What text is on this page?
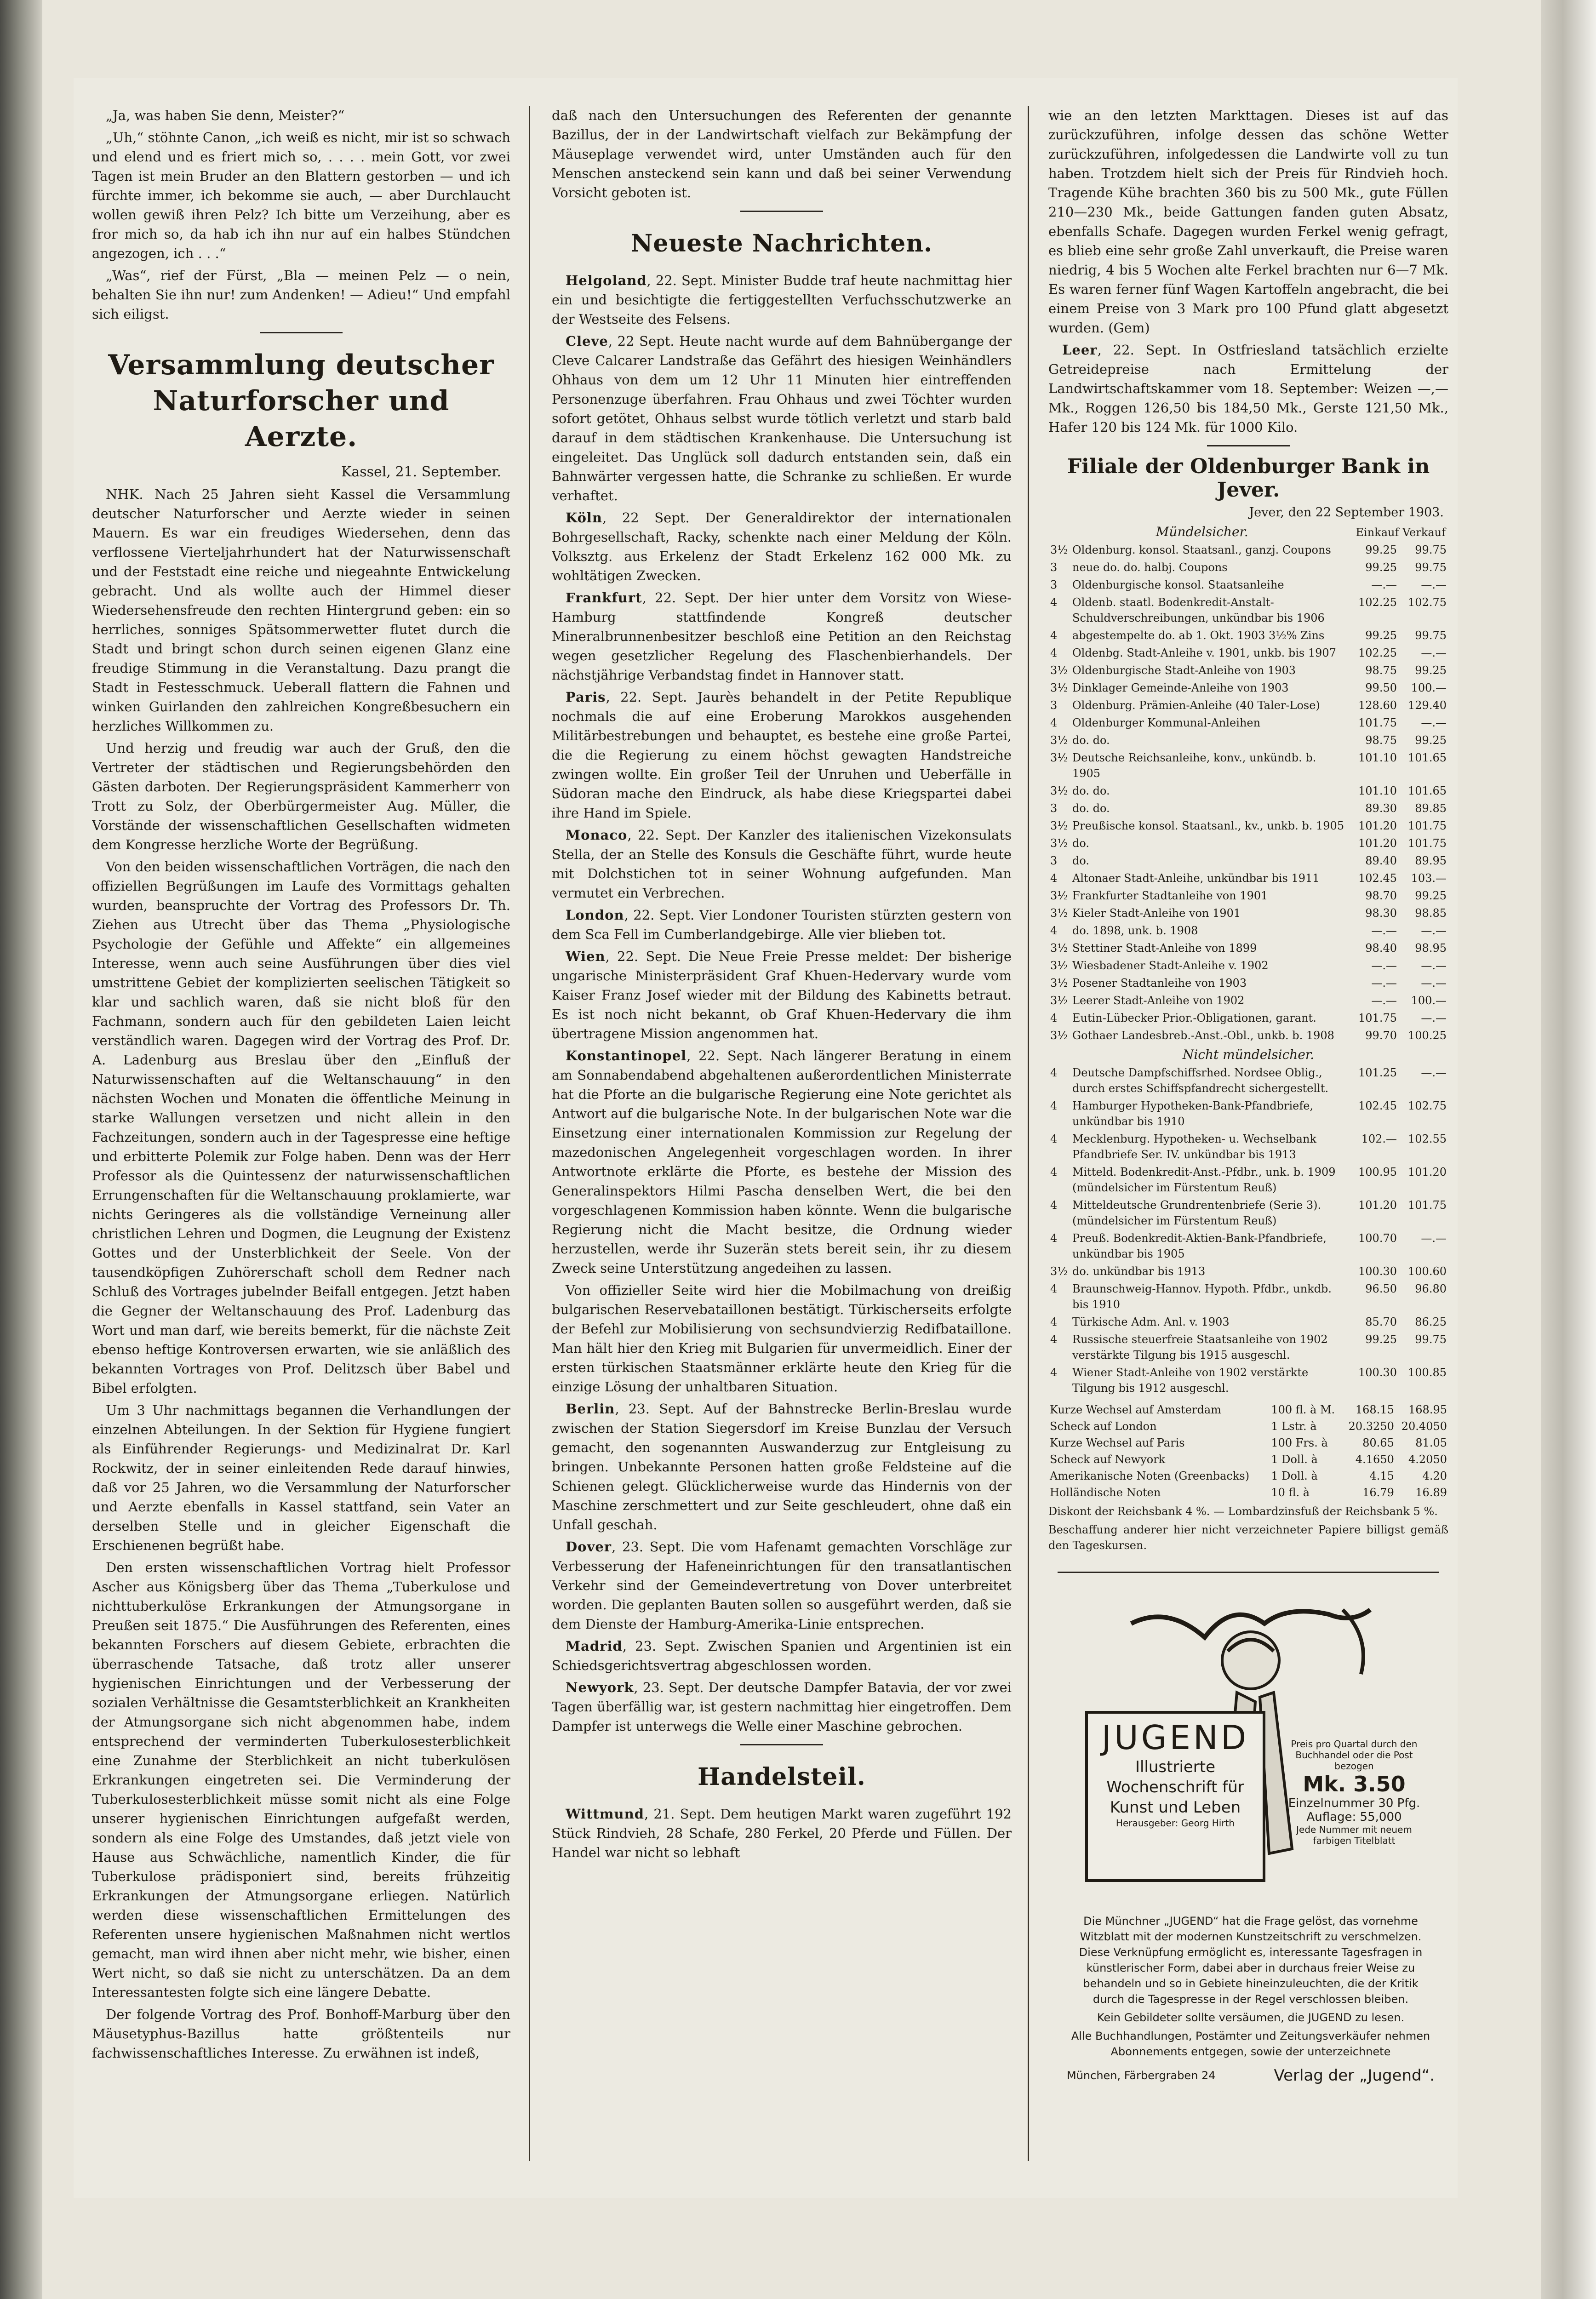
„Ja, was haben Sie denn, Meister?“

„Uh,“ stöhnte Canon, „ich weiß es nicht, mir ist so schwach und elend und es friert mich so, . . . . mein Gott, vor zwei Tagen ist mein Bruder an den Blattern gestorben — und ich fürchte immer, ich bekomme sie auch, — aber Durchlaucht wollen gewiß ihren Pelz? Ich bitte um Verzeihung, aber es fror mich so, da hab ich ihn nur auf ein halbes Stündchen angezogen, ich . . .“

„Was“, rief der Fürst, „Bla — meinen Pelz — o nein, behalten Sie ihn nur! zum Andenken! — Adieu!“ Und empfahl sich eiligst.

Versammlung deutscher Naturforscher und Aerzte.
Kassel, 21. September.

NHK. Nach 25 Jahren sieht Kassel die Versammlung deutscher Naturforscher und Aerzte wieder in seinen Mauern. Es war ein freudiges Wiedersehen, denn das verflossene Vierteljahrhundert hat der Naturwissenschaft und der Feststadt eine reiche und niegeahnte Entwickelung gebracht. Und als wollte auch der Himmel dieser Wiedersehensfreude den rechten Hintergrund geben: ein so herrliches, sonniges Spätsommerwetter flutet durch die Stadt und bringt schon durch seinen eigenen Glanz eine freudige Stimmung in die Veranstaltung. Dazu prangt die Stadt in Festesschmuck. Ueberall flattern die Fahnen und winken Guirlanden den zahlreichen Kongreßbesuchern ein herzliches Willkommen zu.

Und herzig und freudig war auch der Gruß, den die Vertreter der städtischen und Regierungsbehörden den Gästen darboten. Der Regierungspräsident Kammerherr von Trott zu Solz, der Oberbürgermeister Aug. Müller, die Vorstände der wissenschaftlichen Gesellschaften widmeten dem Kongresse herzliche Worte der Begrüßung.

Von den beiden wissenschaftlichen Vorträgen, die nach den offiziellen Begrüßungen im Laufe des Vormittags gehalten wurden, beanspruchte der Vortrag des Professors Dr. Th. Ziehen aus Utrecht über das Thema „Physiologische Psychologie der Gefühle und Affekte“ ein allgemeines Interesse, wenn auch seine Ausführungen über dies viel umstrittene Gebiet der komplizierten seelischen Tätigkeit so klar und sachlich waren, daß sie nicht bloß für den Fachmann, sondern auch für den gebildeten Laien leicht verständlich waren. Dagegen wird der Vortrag des Prof. Dr. A. Ladenburg aus Breslau über den „Einfluß der Naturwissenschaften auf die Weltanschauung“ in den nächsten Wochen und Monaten die öffentliche Meinung in starke Wallungen versetzen und nicht allein in den Fachzeitungen, sondern auch in der Tagespresse eine heftige und erbitterte Polemik zur Folge haben. Denn was der Herr Professor als die Quintessenz der naturwissenschaftlichen Errungenschaften für die Weltanschauung proklamierte, war nichts Geringeres als die vollständige Verneinung aller christlichen Lehren und Dogmen, die Leugnung der Existenz Gottes und der Unsterblichkeit der Seele. Von der tausendköpfigen Zuhörerschaft scholl dem Redner nach Schluß des Vortrages jubelnder Beifall entgegen. Jetzt haben die Gegner der Weltanschauung des Prof. Ladenburg das Wort und man darf, wie bereits bemerkt, für die nächste Zeit ebenso heftige Kontroversen erwarten, wie sie anläßlich des bekannten Vortrages von Prof. Delitzsch über Babel und Bibel erfolgten.

Um 3 Uhr nachmittags begannen die Verhandlungen der einzelnen Abteilungen. In der Sektion für Hygiene fungiert als Einführender Regierungs- und Medizinalrat Dr. Karl Rockwitz, der in seiner einleitenden Rede darauf hinwies, daß vor 25 Jahren, wo die Versammlung der Naturforscher und Aerzte ebenfalls in Kassel stattfand, sein Vater an derselben Stelle und in gleicher Eigenschaft die Erschienenen begrüßt habe.

Den ersten wissenschaftlichen Vortrag hielt Professor Ascher aus Königsberg über das Thema „Tuberkulose und nichttuberkulöse Erkrankungen der Atmungsorgane in Preußen seit 1875.“ Die Ausführungen des Referenten, eines bekannten Forschers auf diesem Gebiete, erbrachten die überraschende Tatsache, daß trotz aller unserer hygienischen Einrichtungen und der Verbesserung der sozialen Verhältnisse die Gesamtsterblichkeit an Krankheiten der Atmungsorgane sich nicht abgenommen habe, indem entsprechend der verminderten Tuberkulosesterblichkeit eine Zunahme der Sterblichkeit an nicht tuberkulösen Erkrankungen eingetreten sei. Die Verminderung der Tuberkulosesterblichkeit müsse somit nicht als eine Folge unserer hygienischen Einrichtungen aufgefaßt werden, sondern als eine Folge des Umstandes, daß jetzt viele von Hause aus Schwächliche, namentlich Kinder, die für Tuberkulose prädisponiert sind, bereits frühzeitig Erkrankungen der Atmungsorgane erliegen. Natürlich werden diese wissenschaftlichen Ermittelungen des Referenten unsere hygienischen Maßnahmen nicht wertlos gemacht, man wird ihnen aber nicht mehr, wie bisher, einen Wert nicht, so daß sie nicht zu unterschätzen. Da an dem Interessantesten folgte sich eine längere Debatte.

Der folgende Vortrag des Prof. Bonhoff-Marburg über den Mäusetyphus-Bazillus hatte größtenteils nur fachwissenschaftliches Interesse. Zu erwähnen ist indeß,

daß nach den Untersuchungen des Referenten der genannte Bazillus, der in der Landwirtschaft vielfach zur Bekämpfung der Mäuseplage verwendet wird, unter Umständen auch für den Menschen ansteckend sein kann und daß bei seiner Verwendung Vorsicht geboten ist.

Neueste Nachrichten.

Helgoland, 22. Sept. Minister Budde traf heute nachmittag hier ein und besichtigte die fertiggestellten Verfuchsschutzwerke an der Westseite des Felsens.

Cleve, 22 Sept. Heute nacht wurde auf dem Bahnübergange der Cleve Calcarer Landstraße das Gefährt des hiesigen Weinhändlers Ohhaus von dem um 12 Uhr 11 Minuten hier eintreffenden Personenzuge überfahren. Frau Ohhaus und zwei Töchter wurden sofort getötet, Ohhaus selbst wurde tötlich verletzt und starb bald darauf in dem städtischen Krankenhause. Die Untersuchung ist eingeleitet. Das Unglück soll dadurch entstanden sein, daß ein Bahnwärter vergessen hatte, die Schranke zu schließen. Er wurde verhaftet.

Köln, 22 Sept. Der Generaldirektor der internationalen Bohrgesellschaft, Racky, schenkte nach einer Meldung der Köln. Volksztg. aus Erkelenz der Stadt Erkelenz 162 000 Mk. zu wohltätigen Zwecken.

Frankfurt, 22. Sept. Der hier unter dem Vorsitz von Wiese-Hamburg stattfindende Kongreß deutscher Mineralbrunnenbesitzer beschloß eine Petition an den Reichstag wegen gesetzlicher Regelung des Flaschenbierhandels. Der nächstjährige Verbandstag findet in Hannover statt.

Paris, 22. Sept. Jaurès behandelt in der Petite Republique nochmals die auf eine Eroberung Marokkos ausgehenden Militärbestrebungen und behauptet, es bestehe eine große Partei, die die Regierung zu einem höchst gewagten Handstreiche zwingen wollte. Ein großer Teil der Unruhen und Ueberfälle in Südoran mache den Eindruck, als habe diese Kriegspartei dabei ihre Hand im Spiele.

Monaco, 22. Sept. Der Kanzler des italienischen Vizekonsulats Stella, der an Stelle des Konsuls die Geschäfte führt, wurde heute mit Dolchstichen tot in seiner Wohnung aufgefunden. Man vermutet ein Verbrechen.

London, 22. Sept. Vier Londoner Touristen stürzten gestern von dem Sca Fell im Cumberlandgebirge. Alle vier blieben tot.

Wien, 22. Sept. Die Neue Freie Presse meldet: Der bisherige ungarische Ministerpräsident Graf Khuen-Hedervary wurde vom Kaiser Franz Josef wieder mit der Bildung des Kabinetts betraut. Es ist noch nicht bekannt, ob Graf Khuen-Hedervary die ihm übertragene Mission angenommen hat.

Konstantinopel, 22. Sept. Nach längerer Beratung in einem am Sonnabendabend abgehaltenen außerordentlichen Ministerrate hat die Pforte an die bulgarische Regierung eine Note gerichtet als Antwort auf die bulgarische Note. In der bulgarischen Note war die Einsetzung einer internationalen Kommission zur Regelung der mazedonischen Angelegenheit vorgeschlagen worden. In ihrer Antwortnote erklärte die Pforte, es bestehe der Mission des Generalinspektors Hilmi Pascha denselben Wert, die bei den vorgeschlagenen Kommission haben könnte. Wenn die bulgarische Regierung nicht die Macht besitze, die Ordnung wieder herzustellen, werde ihr Suzerän stets bereit sein, ihr zu diesem Zweck seine Unterstützung angedeihen zu lassen.

Von offizieller Seite wird hier die Mobilmachung von dreißig bulgarischen Reservebataillonen bestätigt. Türkischerseits erfolgte der Befehl zur Mobilisierung von sechsundvierzig Redifbataillone. Man hält hier den Krieg mit Bulgarien für unvermeidlich. Einer der ersten türkischen Staatsmänner erklärte heute den Krieg für die einzige Lösung der unhaltbaren Situation.

Berlin, 23. Sept. Auf der Bahnstrecke Berlin-Breslau wurde zwischen der Station Siegersdorf im Kreise Bunzlau der Versuch gemacht, den sogenannten Auswanderzug zur Entgleisung zu bringen. Unbekannte Personen hatten große Feldsteine auf die Schienen gelegt. Glücklicherweise wurde das Hindernis von der Maschine zerschmettert und zur Seite geschleudert, ohne daß ein Unfall geschah.

Dover, 23. Sept. Die vom Hafenamt gemachten Vorschläge zur Verbesserung der Hafeneinrichtungen für den transatlantischen Verkehr sind der Gemeindevertretung von Dover unterbreitet worden. Die geplanten Bauten sollen so ausgeführt werden, daß sie dem Dienste der Hamburg-Amerika-Linie entsprechen.

Madrid, 23. Sept. Zwischen Spanien und Argentinien ist ein Schiedsgerichtsvertrag abgeschlossen worden.

Newyork, 23. Sept. Der deutsche Dampfer Batavia, der vor zwei Tagen überfällig war, ist gestern nachmittag hier eingetroffen. Dem Dampfer ist unterwegs die Welle einer Maschine gebrochen.

Handelsteil.

Wittmund, 21. Sept. Dem heutigen Markt waren zugeführt 192 Stück Rindvieh, 28 Schafe, 280 Ferkel, 20 Pferde und Füllen. Der Handel war nicht so lebhaft

wie an den letzten Markttagen. Dieses ist auf das zurückzuführen, infolge dessen das schöne Wetter zurückzuführen, infolgedessen die Landwirte voll zu tun haben. Trotzdem hielt sich der Preis für Rindvieh hoch. Tragende Kühe brachten 360 bis zu 500 Mk., gute Füllen 210—230 Mk., beide Gattungen fanden guten Absatz, ebenfalls Schafe. Dagegen wurden Ferkel wenig gefragt, es blieb eine sehr große Zahl unverkauft, die Preise waren niedrig, 4 bis 5 Wochen alte Ferkel brachten nur 6—7 Mk. Es waren ferner fünf Wagen Kartoffeln angebracht, die bei einem Preise von 3 Mark pro 100 Pfund glatt abgesetzt wurden. (Gem)

Leer, 22. Sept. In Ostfriesland tatsächlich erzielte Getreidepreise nach Ermittelung der Landwirtschaftskammer vom 18. September: Weizen —,— Mk., Roggen 126,50 bis 184,50 Mk., Gerste 121,50 Mk., Hafer 120 bis 124 Mk. für 1000 Kilo.

Filiale der Oldenburger Bank in Jever.
Jever, den 22 September 1903.
Mündelsicher.	Einkauf Verkauf
3½	Oldenburg. konsol. Staatsanl., ganzj. Coupons	99.25	99.75
3	neue do. do. halbj. Coupons	99.25	99.75
3	Oldenburgische konsol. Staatsanleihe	—.—	—.—
4	Oldenb. staatl. Bodenkredit-Anstalt-Schuldverschreibungen, unkündbar bis 1906	102.25	102.75
4	abgestempelte do. ab 1. Okt. 1903 3½% Zins	99.25	99.75
4	Oldenbg. Stadt-Anleihe v. 1901, unkb. bis 1907	102.25	—.—
3½	Oldenburgische Stadt-Anleihe von 1903	98.75	99.25
3½	Dinklager Gemeinde-Anleihe von 1903	99.50	100.—
3	Oldenburg. Prämien-Anleihe (40 Taler-Lose)	128.60	129.40
4	Oldenburger Kommunal-Anleihen	101.75	—.—
3½	do. do.	98.75	99.25
3½	Deutsche Reichsanleihe, konv., unkündb. b. 1905	101.10	101.65
3½	do. do.	101.10	101.65
3	do. do.	89.30	89.85
3½	Preußische konsol. Staatsanl., kv., unkb. b. 1905	101.20	101.75
3½	do.	101.20	101.75
3	do.	89.40	89.95
4	Altonaer Stadt-Anleihe, unkündbar bis 1911	102.45	103.—
3½	Frankfurter Stadtanleihe von 1901	98.70	99.25
3½	Kieler Stadt-Anleihe von 1901	98.30	98.85
4	do. 1898, unk. b. 1908	—.—	—.—
3½	Stettiner Stadt-Anleihe von 1899	98.40	98.95
3½	Wiesbadener Stadt-Anleihe v. 1902	—.—	—.—
3½	Posener Stadtanleihe von 1903	—.—	—.—
3½	Leerer Stadt-Anleihe von 1902	—.—	100.—
4	Eutin-Lübecker Prior.-Obligationen, garant.	101.75	—.—
3½	Gothaer Landesbreb.-Anst.-Obl., unkb. b. 1908	99.70	100.25
Nicht mündelsicher.
4	Deutsche Dampfschiffsrhed. Nordsee Oblig., durch erstes Schiffspfandrecht sichergestellt.	101.25	—.—
4	Hamburger Hypotheken-Bank-Pfandbriefe, unkündbar bis 1910	102.45	102.75
4	Mecklenburg. Hypotheken- u. Wechselbank Pfandbriefe Ser. IV. unkündbar bis 1913	102.—	102.55
4	Mitteld. Bodenkredit-Anst.-Pfdbr., unk. b. 1909 (mündelsicher im Fürstentum Reuß)	100.95	101.20
4	Mitteldeutsche Grundrentenbriefe (Serie 3). (mündelsicher im Fürstentum Reuß)	101.20	101.75
4	Preuß. Bodenkredit-Aktien-Bank-Pfandbriefe, unkündbar bis 1905	100.70	—.—
3½	do. unkündbar bis 1913	100.30	100.60
4	Braunschweig-Hannov. Hypoth. Pfdbr., unkdb. bis 1910	96.50	96.80
4	Türkische Adm. Anl. v. 1903	85.70	86.25
4	Russische steuerfreie Staatsanleihe von 1902 verstärkte Tilgung bis 1915 ausgeschl.	99.25	99.75
4	Wiener Stadt-Anleihe von 1902 verstärkte Tilgung bis 1912 ausgeschl.	100.30	100.85
Kurze Wechsel auf Amsterdam	100 fl. à M.	168.15	168.95
Scheck auf London	1 Lstr. à	20.3250	20.4050
Kurze Wechsel auf Paris	100 Frs. à	80.65	81.05
Scheck auf Newyork	1 Doll. à	4.1650	4.2050
Amerikanische Noten (Greenbacks)	1 Doll. à	4.15	4.20
Holländische Noten	10 fl. à	16.79	16.89
Diskont der Reichsbank 4 %. — Lombardzinsfuß der Reichsbank 5 %.
Beschaffung anderer hier nicht verzeichneter Papiere billigst gemäß den Tageskursen.
JUGEND
Illustrierte
Wochenschrift für
Kunst und Leben
Herausgeber: Georg Hirth
Preis pro Quartal durch den Buchhandel oder die Post bezogen
Mk. 3.50
Einzelnummer 30 Pfg.
Auflage: 55,000
Jede Nummer mit neuem farbigen Titelblatt
Die Münchner „JUGEND“ hat die Frage gelöst, das vornehme Witzblatt mit der modernen Kunstzeitschrift zu verschmelzen. Diese Verknüpfung ermöglicht es, interessante Tagesfragen in künstlerischer Form, dabei aber in durchaus freier Weise zu behandeln und so in Gebiete hineinzuleuchten, die der Kritik durch die Tagespresse in der Regel verschlossen bleiben.
Kein Gebildeter sollte versäumen, die JUGEND zu lesen.
Alle Buchhandlungen, Postämter und Zeitungsverkäufer nehmen Abonnements entgegen, sowie der unterzeichnete
München, Färbergraben 24	Verlag der „Jugend“.
